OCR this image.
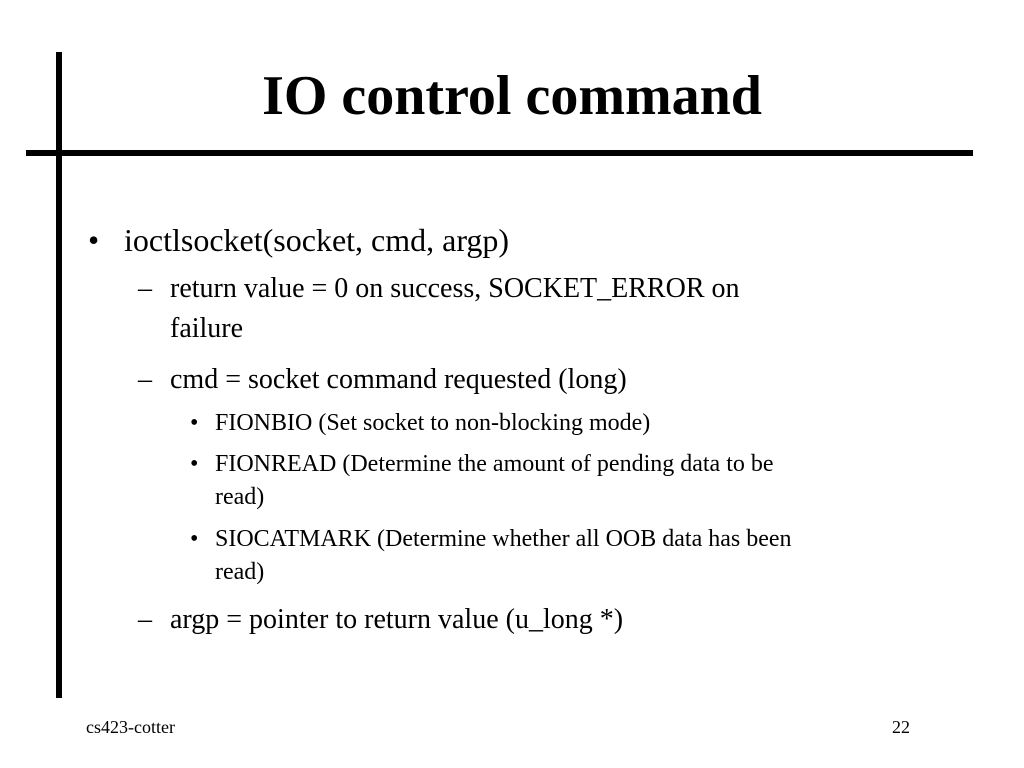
IO control command
• ioctlsocket(socket, cmd, argp)
– return value = 0 on success, SOCKET_ERROR on
failure
– cmd = socket command requested (long)
• FIONBIO (Set socket to non-blocking mode)
• FIONREAD (Determine the amount of pending data to be
read)
• SIOCATMARK (Determine whether all OOB data has been
read)
– argp = pointer to return value (u_long *)
cs423-cotter	22
